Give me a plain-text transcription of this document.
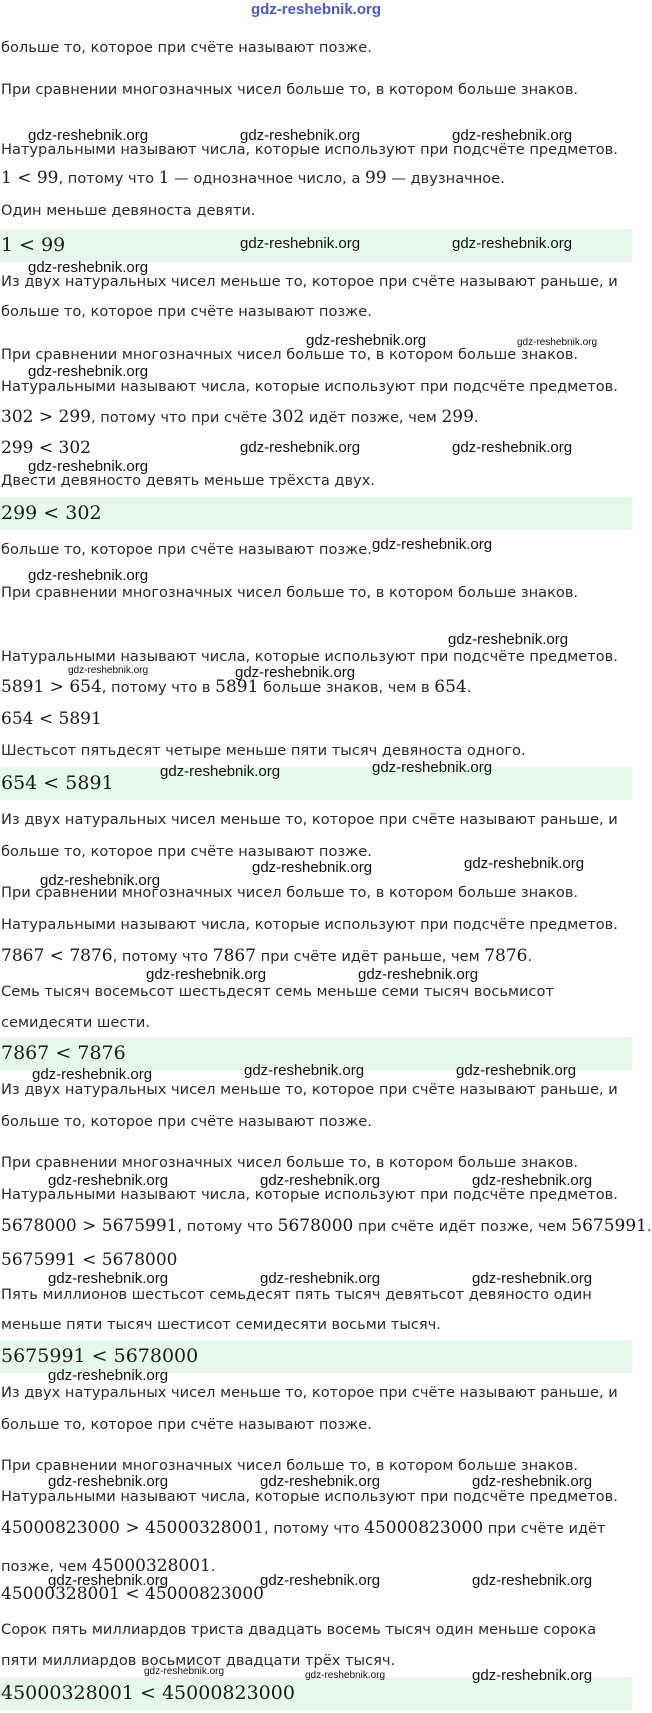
gdz-reshebnik.org
1 < 99
299 < 302
654 < 5891
7867 < 7876
5675991 < 5678000
45000328001 < 45000823000
больше то, которое при счёте называют позже.
При сравнении многозначных чисел больше то, в котором больше знаков.
Натуральными называют числа, которые используют при подсчёте предметов.
1 < 99, потому что 1 — однозначное число, а 99 — двузначное.
Один меньше девяноста девяти.
Из двух натуральных чисел меньше то, которое при счёте называют раньше, и
больше то, которое при счёте называют позже.
При сравнении многозначных чисел больше то, в котором больше знаков.
Натуральными называют числа, которые используют при подсчёте предметов.
302 > 299, потому что при счёте 302 идёт позже, чем 299.
299 < 302
Двести девяносто девять меньше трёхста двух.
больше то, которое при счёте называют позже.
При сравнении многозначных чисел больше то, в котором больше знаков.
Натуральными называют числа, которые используют при подсчёте предметов.
5891 > 654, потому что в 5891 больше знаков, чем в 654.
654 < 5891
Шестьсот пятьдесят четыре меньше пяти тысяч девяноста одного.
Из двух натуральных чисел меньше то, которое при счёте называют раньше, и
больше то, которое при счёте называют позже.
При сравнении многозначных чисел больше то, в котором больше знаков.
Натуральными называют числа, которые используют при подсчёте предметов.
7867 < 7876, потому что 7867 при счёте идёт раньше, чем 7876.
Семь тысяч восемьсот шестьдесят семь меньше семи тысяч восьмисот
семидесяти шести.
Из двух натуральных чисел меньше то, которое при счёте называют раньше, и
больше то, которое при счёте называют позже.
При сравнении многозначных чисел больше то, в котором больше знаков.
Натуральными называют числа, которые используют при подсчёте предметов.
5678000 > 5675991, потому что 5678000 при счёте идёт позже, чем 5675991.
5675991 < 5678000
Пять миллионов шестьсот семьдесят пять тысяч девятьсот девяносто один
меньше пяти тысяч шестисот семидесяти восьми тысяч.
Из двух натуральных чисел меньше то, которое при счёте называют раньше, и
больше то, которое при счёте называют позже.
При сравнении многозначных чисел больше то, в котором больше знаков.
Натуральными называют числа, которые используют при подсчёте предметов.
45000823000 > 45000328001, потому что 45000823000 при счёте идёт
позже, чем 45000328001.
45000328001 < 45000823000
Сорок пять миллиардов триста двадцать восемь тысяч один меньше сорока
пяти миллиардов восьмисот двадцати трёх тысяч.
gdz-reshebnik.org	gdz-reshebnik.org	gdz-reshebnik.org
gdz-reshebnik.org	gdz-reshebnik.org
gdz-reshebnik.org
gdz-reshebnik.org	gdz-reshebnik.org
gdz-reshebnik.org
gdz-reshebnik.org	gdz-reshebnik.org
gdz-reshebnik.org
gdz-reshebnik.org
gdz-reshebnik.org
gdz-reshebnik.org
gdz-reshebnik.org	gdz-reshebnik.org
gdz-reshebnik.org	gdz-reshebnik.org
gdz-reshebnik.org	gdz-reshebnik.org
gdz-reshebnik.org
gdz-reshebnik.org	gdz-reshebnik.org
gdz-reshebnik.org	gdz-reshebnik.org
gdz-reshebnik.org
gdz-reshebnik.org	gdz-reshebnik.org	gdz-reshebnik.org
gdz-reshebnik.org	gdz-reshebnik.org	gdz-reshebnik.org
gdz-reshebnik.org
gdz-reshebnik.org	gdz-reshebnik.org	gdz-reshebnik.org
gdz-reshebnik.org	gdz-reshebnik.org	gdz-reshebnik.org
gdz-reshebnik.org	gdz-reshebnik.org	gdz-reshebnik.org
